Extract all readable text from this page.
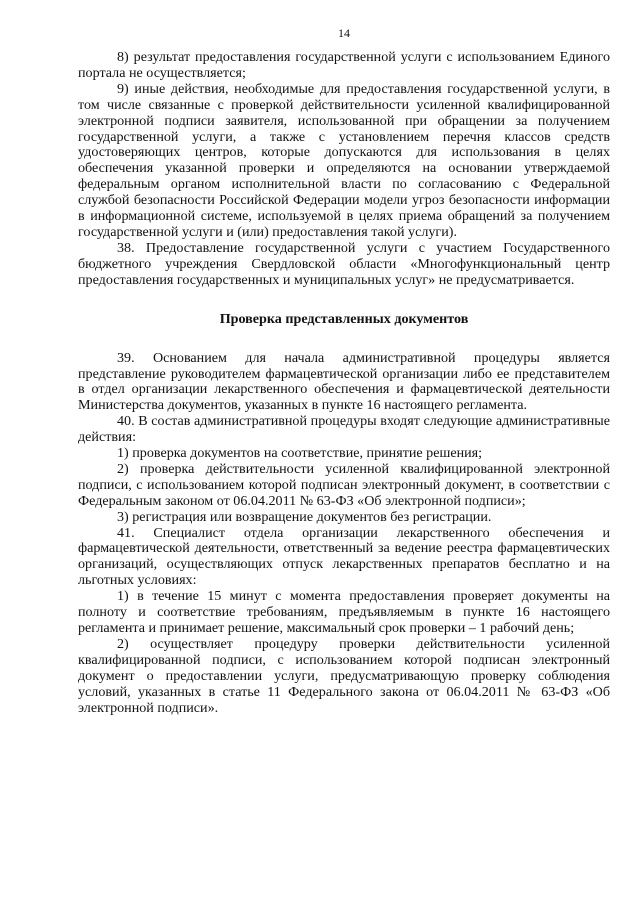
14

8) результат предоставления государственной услуги с использованием Единого портала не осуществляется;

9) иные действия, необходимые для предоставления государственной услуги, в том числе связанные с проверкой действительности усиленной квалифицированной электронной подписи заявителя, использованной при обращении за получением государственной услуги, а также с установлением перечня классов средств удостоверяющих центров, которые допускаются для использования в целях обеспечения указанной проверки и определяются на основании утверждаемой федеральным органом исполнительной власти по согласованию с Федеральной службой безопасности Российской Федерации модели угроз безопасности информации в информационной системе, используемой в целях приема обращений за получением государственной услуги и (или) предоставления такой услуги).

38. Предоставление государственной услуги с участием Государственного бюджетного учреждения Свердловской области «Многофункциональный центр предоставления государственных и муниципальных услуг» не предусматривается.

Проверка представленных документов

39. Основанием для начала административной процедуры является представление руководителем фармацевтической организации либо ее представителем в отдел организации лекарственного обеспечения и фармацевтической деятельности Министерства документов, указанных в пункте 16 настоящего регламента.

40. В состав административной процедуры входят следующие административные действия:

1) проверка документов на соответствие, принятие решения;

2) проверка действительности усиленной квалифицированной электронной подписи, с использованием которой подписан электронный документ, в соответствии с Федеральным законом от 06.04.2011 № 63-ФЗ «Об электронной подписи»;

3) регистрация или возвращение документов без регистрации.

41. Специалист отдела организации лекарственного обеспечения и фармацевтической деятельности, ответственный за ведение реестра фармацевтических организаций, осуществляющих отпуск лекарственных препаратов бесплатно и на льготных условиях:

1) в течение 15 минут с момента предоставления проверяет документы на полноту и соответствие требованиям, предъявляемым в пункте 16 настоящего регламента и принимает решение, максимальный срок проверки – 1 рабочий день;

2) осуществляет процедуру проверки действительности усиленной квалифицированной подписи, с использованием которой подписан электронный документ о предоставлении услуги, предусматривающую проверку соблюдения условий, указанных в статье 11 Федерального закона от 06.04.2011 № 63-ФЗ «Об электронной подписи».
